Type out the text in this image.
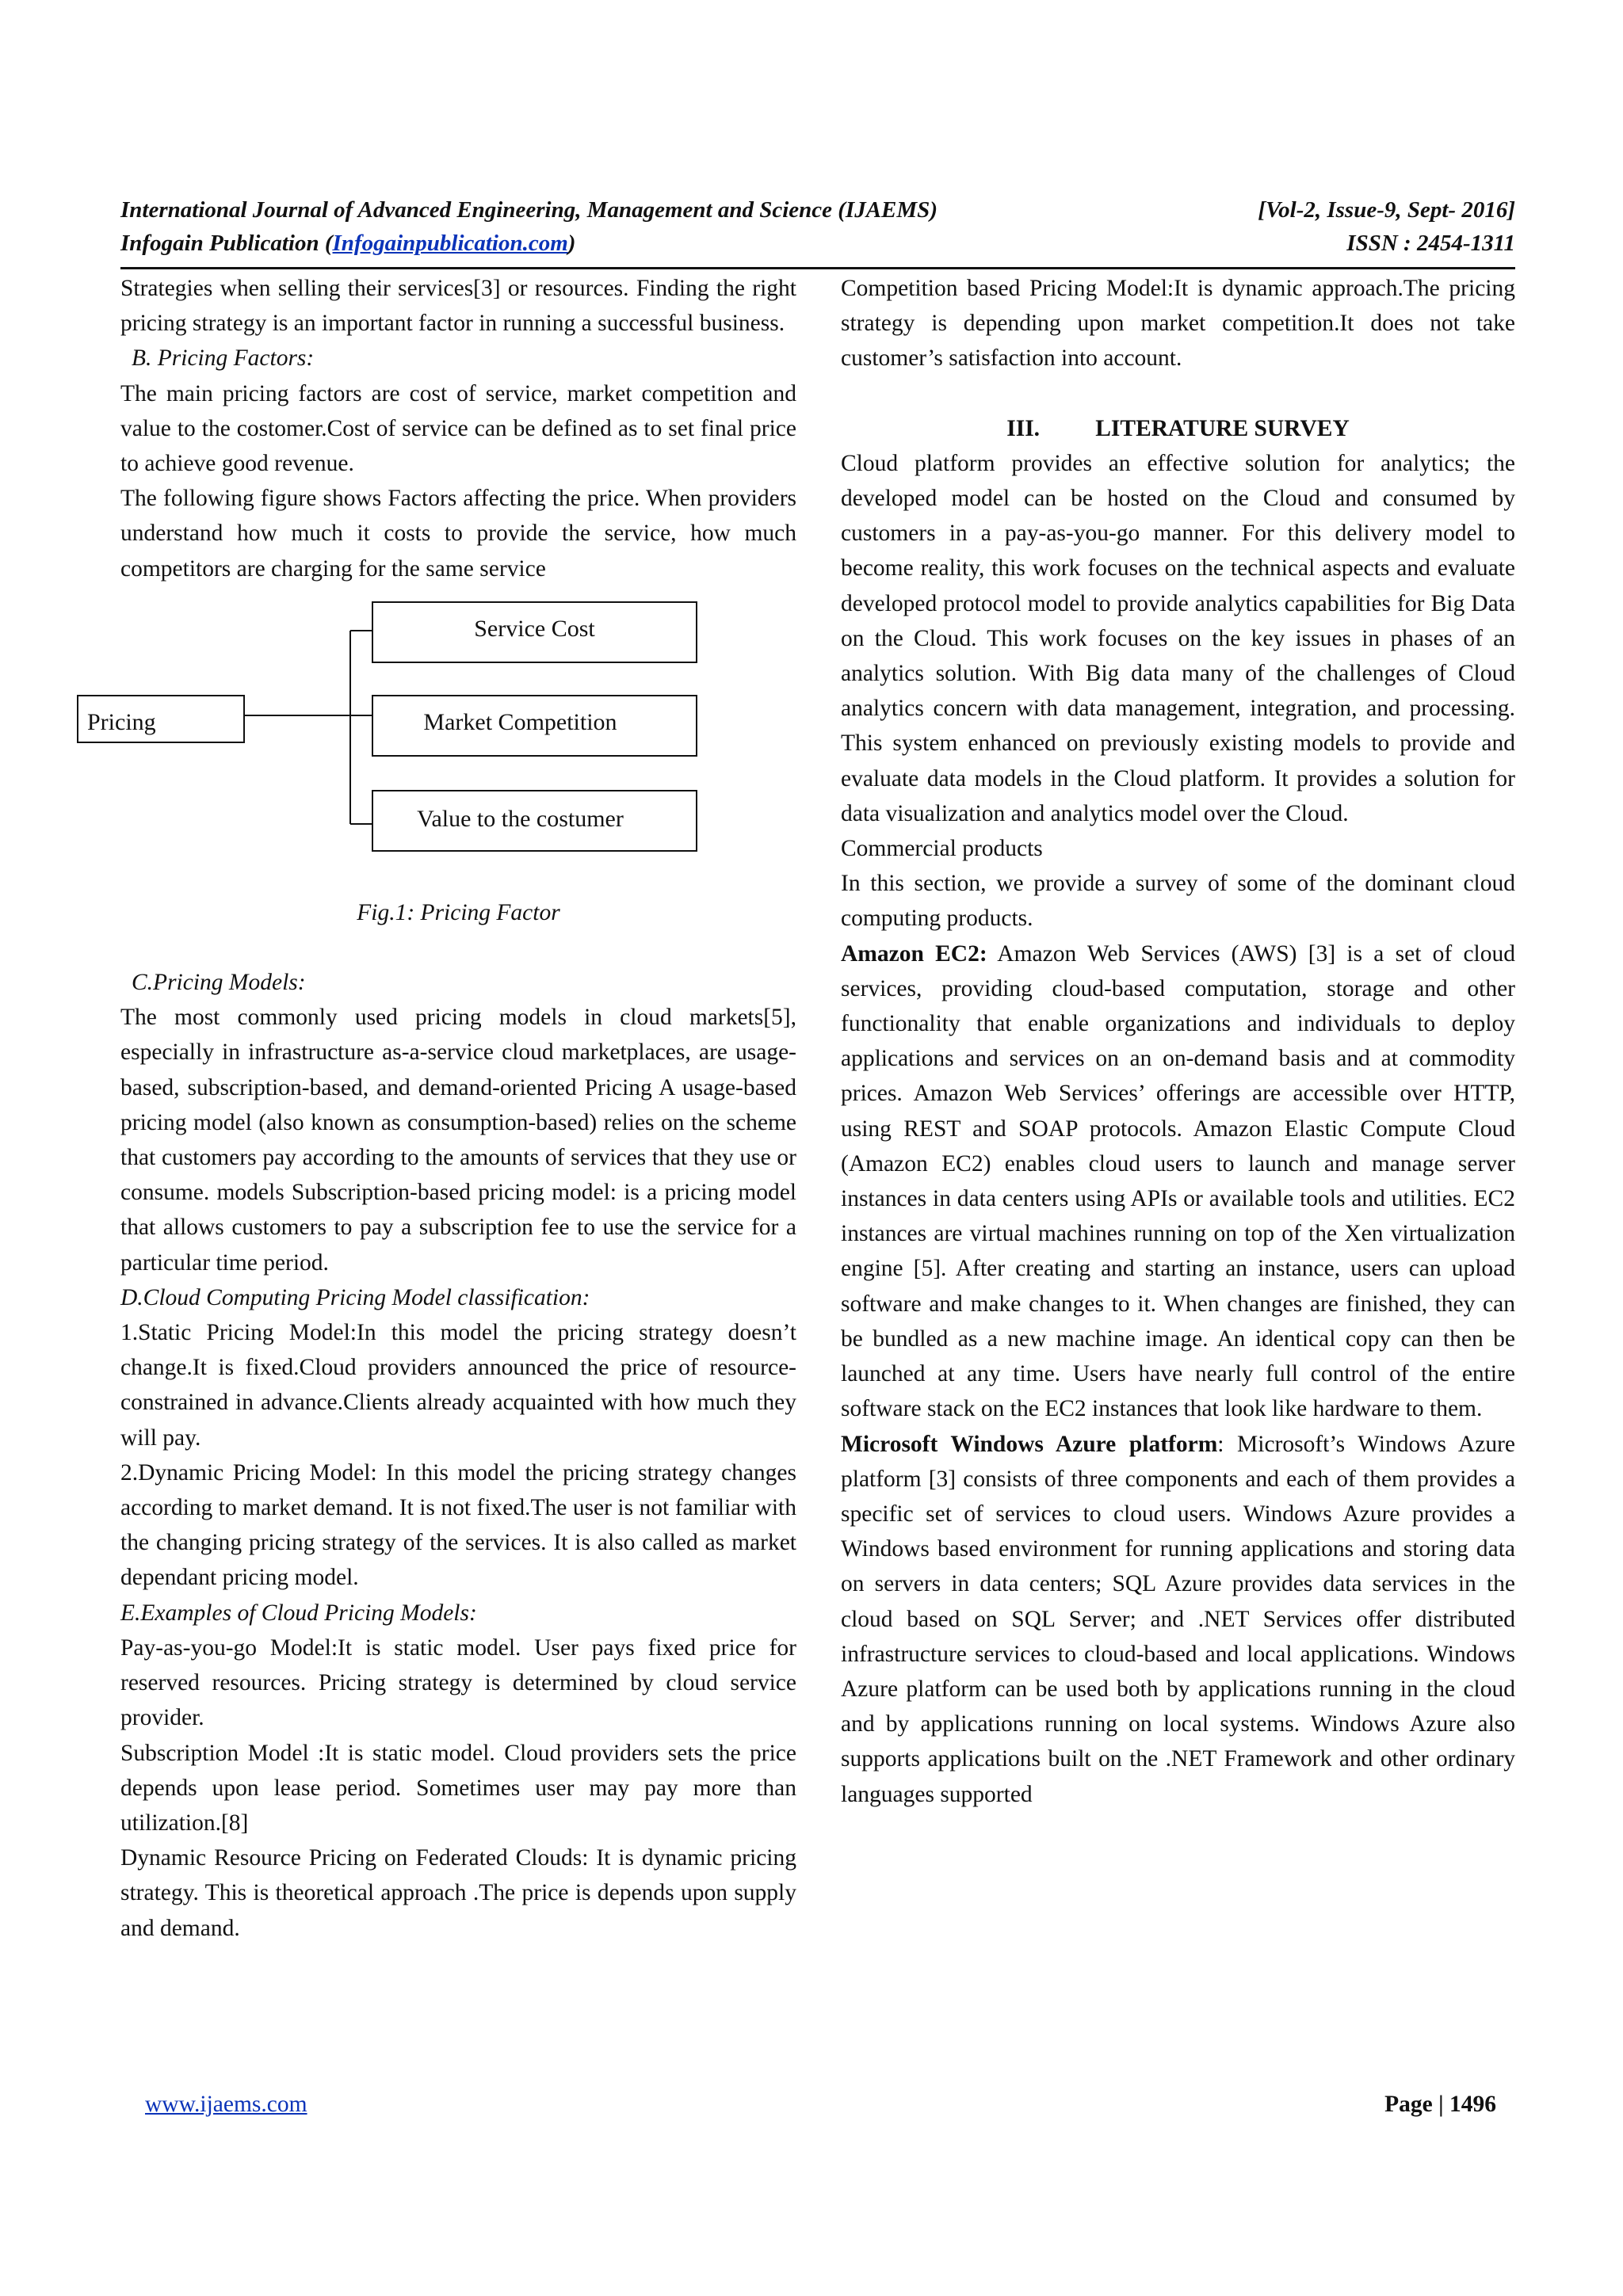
International Journal of Advanced Engineering, Management and Science (IJAEMS)	[Vol-2, Issue-9, Sept- 2016]
Infogain Publication (Infogainpublication.com)	ISSN : 2454-1311

Strategies when selling their services[3] or resources. Finding the right pricing strategy is an important factor in running a successful business.

B. Pricing Factors:

The main pricing factors are cost of service, market competition and value to the costomer.Cost of service can be defined as to set final price to achieve good revenue.

The following figure shows Factors affecting the price. When providers understand how much it costs to provide the service, how much competitors are charging for the same service

Pricing
Service Cost
Market Competition
Value to the costumer

Fig.1: Pricing Factor

C.Pricing Models:

The most commonly used pricing models in cloud markets[5], especially in infrastructure as-a-service cloud marketplaces, are usage-based, subscription-based, and demand-oriented Pricing A usage-based pricing model (also known as consumption-based) relies on the scheme that customers pay according to the amounts of services that they use or consume. models Subscription-based pricing model: is a pricing model that allows customers to pay a subscription fee to use the service for a particular time period.

D.Cloud Computing Pricing Model classification:

1.Static Pricing Model:In this model the pricing strategy doesn’t change.It is fixed.Cloud providers announced the price of resource-constrained in advance.Clients already acquainted with how much they will pay.

2.Dynamic Pricing Model: In this model the pricing strategy changes according to market demand. It is not fixed.The user is not familiar with the changing pricing strategy of the services. It is also called as market dependant pricing model.

E.Examples of Cloud Pricing Models:

Pay-as-you-go Model:It is static model. User pays fixed price for reserved resources. Pricing strategy is determined by cloud service provider.

Subscription Model :It is static model. Cloud providers sets the price depends upon lease period. Sometimes user may pay more than utilization.[8]

Dynamic Resource Pricing on Federated Clouds: It is dynamic pricing strategy. This is theoretical approach .The price is depends upon supply and demand.

Competition based Pricing Model:It is dynamic approach.The pricing strategy is depending upon market competition.It does not take customer’s satisfaction into account.

III. LITERATURE SURVEY

Cloud platform provides an effective solution for analytics; the developed model can be hosted on the Cloud and consumed by customers in a pay-as-you-go manner. For this delivery model to become reality, this work focuses on the technical aspects and evaluate developed protocol model to provide analytics capabilities for Big Data on the Cloud. This work focuses on the key issues in phases of an analytics solution. With Big data many of the challenges of Cloud analytics concern with data management, integration, and processing. This system enhanced on previously existing models to provide and evaluate data models in the Cloud platform. It provides a solution for data visualization and analytics model over the Cloud.

Commercial products

In this section, we provide a survey of some of the dominant cloud computing products.

Amazon EC2: Amazon Web Services (AWS) [3] is a set of cloud services, providing cloud-based computation, storage and other functionality that enable organizations and individuals to deploy applications and services on an on-demand basis and at commodity prices. Amazon Web Services’ offerings are accessible over HTTP, using REST and SOAP protocols. Amazon Elastic Compute Cloud (Amazon EC2) enables cloud users to launch and manage server instances in data centers using APIs or available tools and utilities. EC2 instances are virtual machines running on top of the Xen virtualization engine [5]. After creating and starting an instance, users can upload software and make changes to it. When changes are finished, they can be bundled as a new machine image. An identical copy can then be launched at any time. Users have nearly full control of the entire software stack on the EC2 instances that look like hardware to them.

Microsoft Windows Azure platform: Microsoft’s Windows Azure platform [3] consists of three components and each of them provides a specific set of services to cloud users. Windows Azure provides a Windows based environment for running applications and storing data on servers in data centers; SQL Azure provides data services in the cloud based on SQL Server; and .NET Services offer distributed infrastructure services to cloud-based and local applications. Windows Azure platform can be used both by applications running in the cloud and by applications running on local systems. Windows Azure also supports applications built on the .NET Framework and other ordinary languages supported

www.ijaems.com	Page | 1496
